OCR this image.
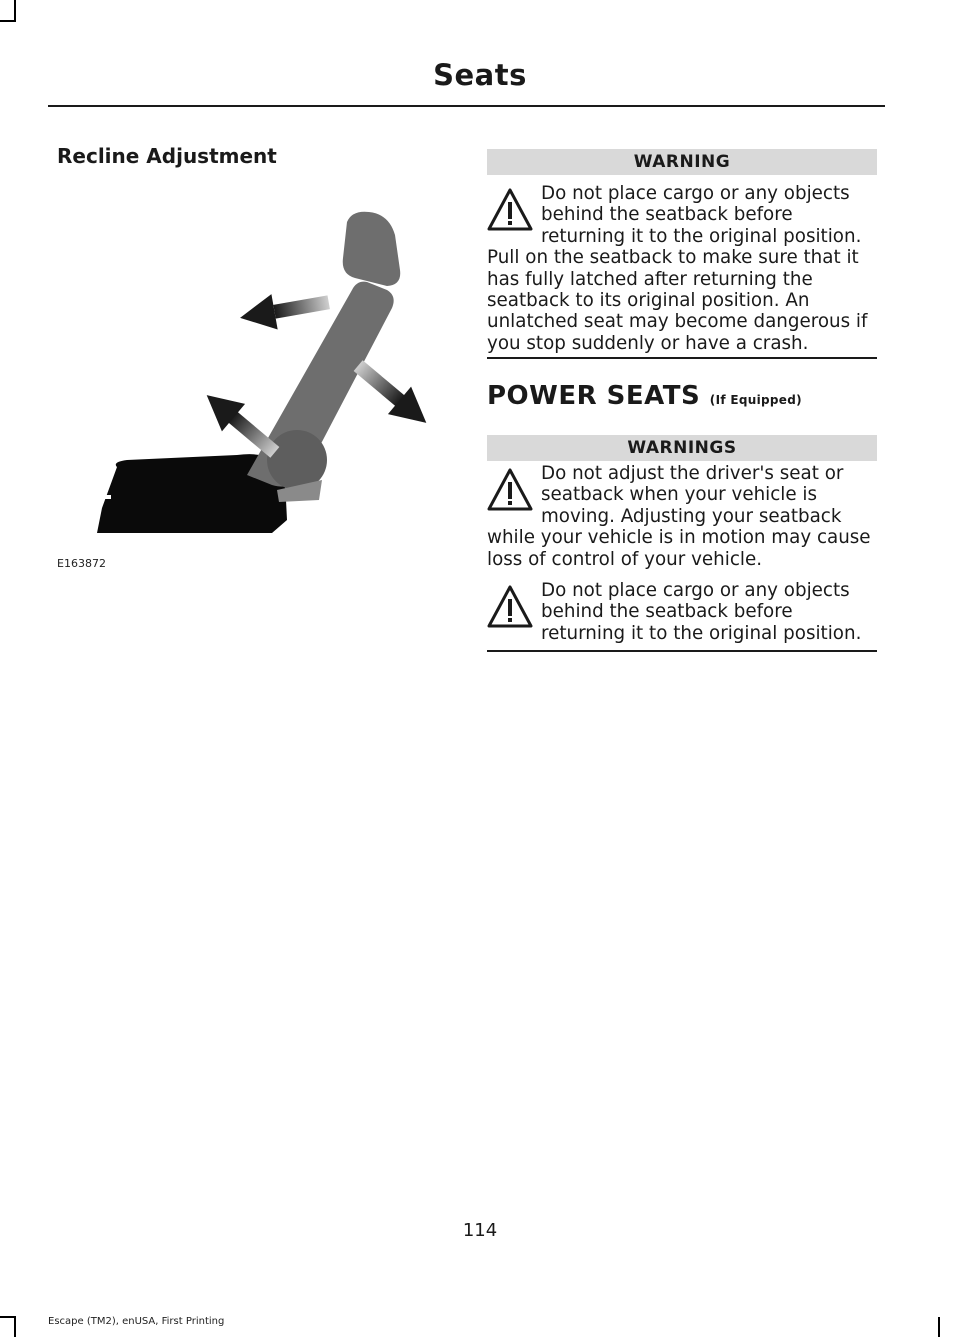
Seats
Recline Adjustment
E163872
WARNING
Do not place cargo or any objects behind the seatback before returning it to the original position. Pull on the seatback to make sure that it has fully latched after returning the seatback to its original position. An unlatched seat may become dangerous if you stop suddenly or have a crash.
POWER SEATS (If Equipped)
WARNINGS
Do not adjust the driver's seat or seatback when your vehicle is moving. Adjusting your seatback while your vehicle is in motion may cause loss of control of your vehicle.
Do not place cargo or any objects behind the seatback before returning it to the original position.
114
Escape (TM2), enUSA, First Printing
